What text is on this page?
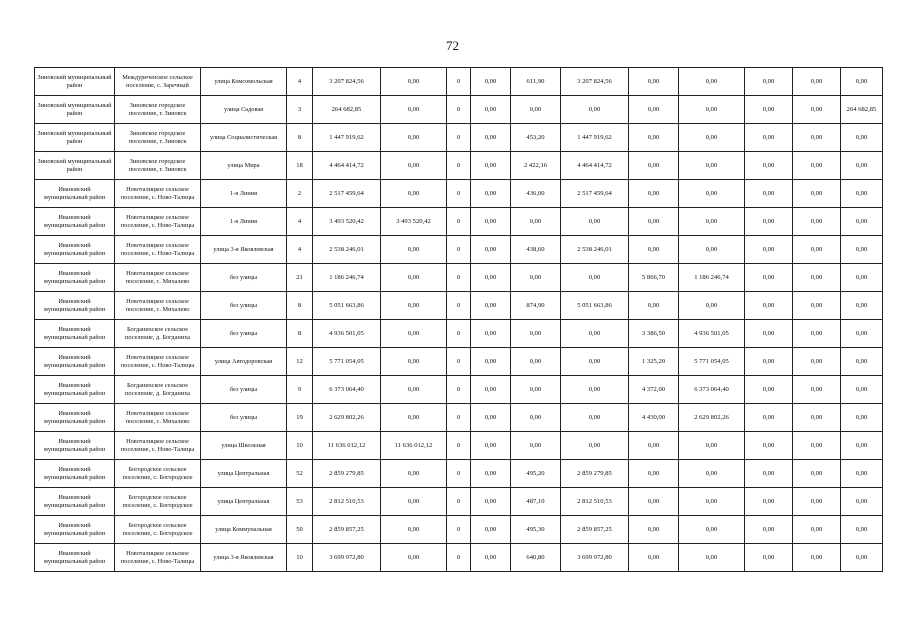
72
Зиновский муниципальный район	Междуреченское сельское поселение, с. Заречный	улица Комсомольская	4	3 207 824,56	0,00	0	0,00	611,90	3 207 824,56	0,00	0,00	0,00	0,00	0,00
Зиновский муниципальный район	Зиновское городское поселение, г. Зиновск	улица Садовая	3	264 682,85	0,00	0	0,00	0,00	0,00	0,00	0,00	0,00	0,00	264 682,85
Зиновский муниципальный район	Зиновское городское поселение, г. Зиновск	улица Социалистическая	8	1 447 919,62	0,00	0	0,00	453,20	1 447 919,62	0,00	0,00	0,00	0,00	0,00
Зиновский муниципальный район	Зиновское городское поселение, г. Зиновск	улица Мира	18	4 464 414,72	0,00	0	0,00	2 422,16	4 464 414,72	0,00	0,00	0,00	0,00	0,00
Ивановский муниципальный район	Новоталицкое сельское поселение, с. Ново-Талицы	1-я Линия	2	2 517 459,64	0,00	0	0,00	436,00	2 517 459,64	0,00	0,00	0,00	0,00	0,00
Ивановский муниципальный район	Новоталицкое сельское поселение, с. Ново-Талицы	1-я Линия	4	3 493 520,42	3 493 520,42	0	0,00	0,00	0,00	0,00	0,00	0,00	0,00	0,00
Ивановский муниципальный район	Новоталицкое сельское поселение, с. Ново-Талицы	улица 3-я Яковлевская	4	2 538 246,01	0,00	0	0,00	438,60	2 538 246,01	0,00	0,00	0,00	0,00	0,00
Ивановский муниципальный район	Новоталицкое сельское поселение, с. Михалево	без улицы	21	1 186 246,74	0,00	0	0,00	0,00	0,00	5 866,70	1 186 246,74	0,00	0,00	0,00
Ивановский муниципальный район	Новоталицкое сельское поселение, с. Михалево	без улицы	8	5 051 663,86	0,00	0	0,00	874,90	5 051 663,86	0,00	0,00	0,00	0,00	0,00
Ивановский муниципальный район	Богданихское сельское поселение, д. Богданиха	без улицы	8	4 936 501,05	0,00	0	0,00	0,00	0,00	3 386,50	4 936 501,05	0,00	0,00	0,00
Ивановский муниципальный район	Новоталицкое сельское поселение, с. Ново-Талицы	улица Автодоровская	12	5 771 054,05	0,00	0	0,00	0,00	0,00	1 325,20	5 771 054,05	0,00	0,00	0,00
Ивановский муниципальный район	Богданихское сельское поселение, д. Богданиха	без улицы	9	6 373 064,40	0,00	0	0,00	0,00	0,00	4 372,00	6 373 064,40	0,00	0,00	0,00
Ивановский муниципальный район	Новоталицкое сельское поселение, с. Михалево	без улицы	19	2 629 802,26	0,00	0	0,00	0,00	0,00	4 430,00	2 629 802,26	0,00	0,00	0,00
Ивановский муниципальный район	Новоталицкое сельское поселение, с. Ново-Талицы	улица Школьная	10	11 636 012,12	11 636 012,12	0	0,00	0,00	0,00	0,00	0,00	0,00	0,00	0,00
Ивановский муниципальный район	Богородское сельское поселение, с. Богородское	улица Центральная	52	2 859 279,85	0,00	0	0,00	495,20	2 859 279,85	0,00	0,00	0,00	0,00	0,00
Ивановский муниципальный район	Богородское сельское поселение, с. Богородское	улица Центральная	53	2 812 510,53	0,00	0	0,00	487,10	2 812 510,53	0,00	0,00	0,00	0,00	0,00
Ивановский муниципальный район	Богородское сельское поселение, с. Богородское	улица Коммунальная	50	2 859 857,25	0,00	0	0,00	495,30	2 859 857,25	0,00	0,00	0,00	0,00	0,00
Ивановский муниципальный район	Новоталицкое сельское поселение, с. Ново-Талицы	улица 3-я Яковлевская	10	3 699 972,80	0,00	0	0,00	640,80	3 699 972,80	0,00	0,00	0,00	0,00	0,00
